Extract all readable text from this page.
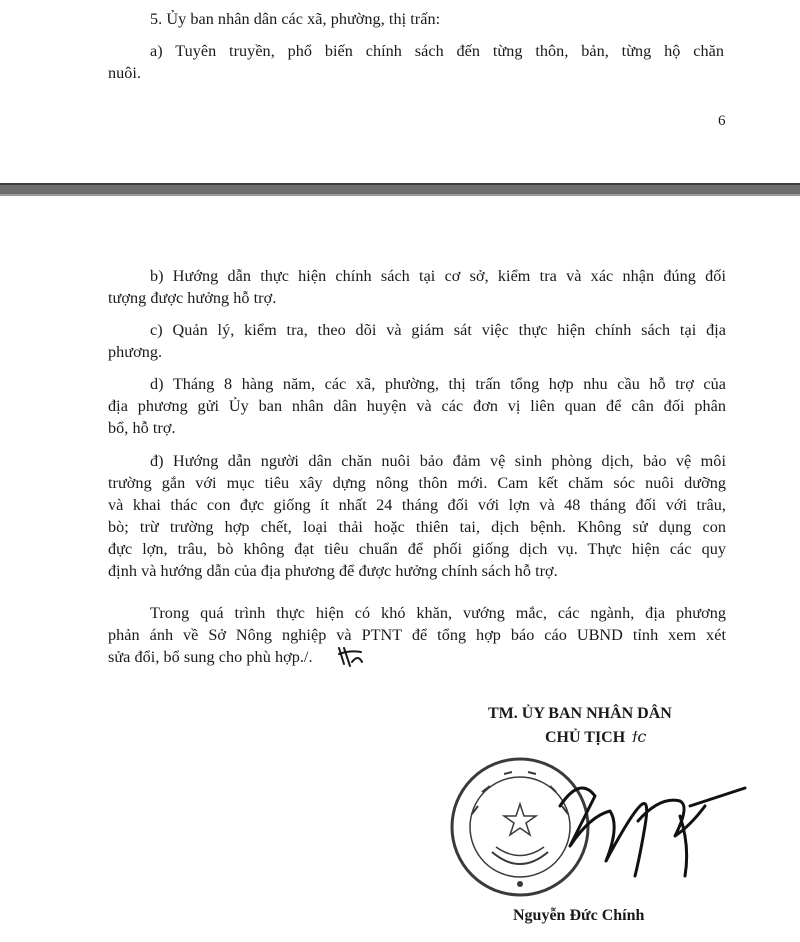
5. Ủy ban nhân dân các xã, phường, thị trấn:
a) Tuyên truyền, phổ biến chính sách đến từng thôn, bản, từng hộ chăn
nuôi.
6
b) Hướng dẫn thực hiện chính sách tại cơ sở, kiểm tra và xác nhận đúng đối
tượng được hưởng hỗ trợ.
c) Quản lý, kiểm tra, theo dõi và giám sát việc thực hiện chính sách tại địa
phương.
d) Tháng 8 hàng năm, các xã, phường, thị trấn tổng hợp nhu cầu hỗ trợ của
địa phương gửi Ủy ban nhân dân huyện và các đơn vị liên quan để cân đối phân
bổ, hỗ trợ.
đ) Hướng dẫn người dân chăn nuôi bảo đảm vệ sinh phòng dịch, bảo vệ môi
trường gắn với mục tiêu xây dựng nông thôn mới. Cam kết chăm sóc nuôi dưỡng
và khai thác con đực giống ít nhất 24 tháng đối với lợn và 48 tháng đối với trâu,
bò; trừ trường hợp chết, loại thải hoặc thiên tai, dịch bệnh. Không sử dụng con
đực lợn, trâu, bò không đạt tiêu chuẩn để phối giống dịch vụ. Thực hiện các quy
định và hướng dẫn của địa phương để được hưởng chính sách hỗ trợ.
Trong quá trình thực hiện có khó khăn, vướng mắc, các ngành, địa phương
phản ánh về Sở Nông nghiệp và PTNT để tổng hợp báo cáo UBND tỉnh xem xét
sửa đổi, bổ sung cho phù hợp./.
TM. ỦY BAN NHÂN DÂN
CHỦ TỊCH ϯc
Nguyễn Đức Chính
